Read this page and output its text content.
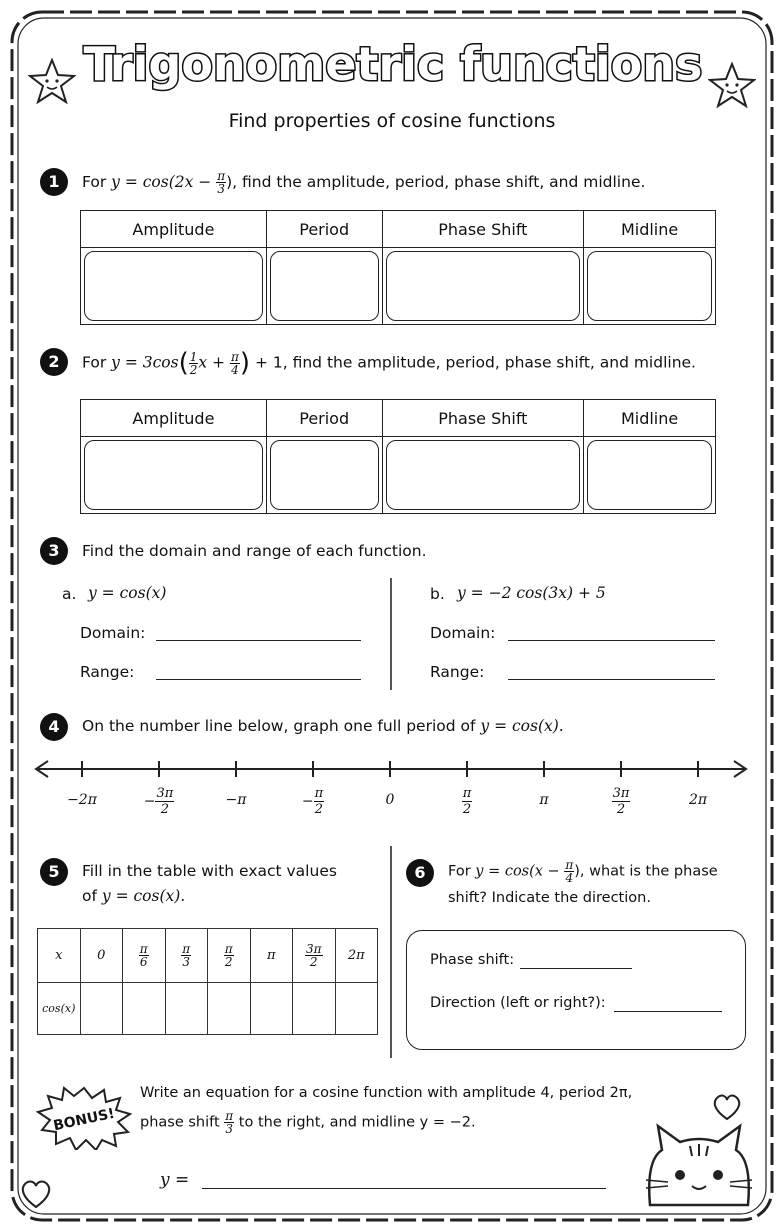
Trigonometric functions
Find properties of cosine functions
1	For $y = \cos(2x - \frac{\pi}{3}$ ), find the amplitude, period, phase shift, and midline.
Amplitude	Period	Phase Shift	Midline

2	For $y = 3\cos( \frac{1}{2}$ $x + \frac{\pi}{4}$ ) + 1, find the amplitude, period, phase shift, and midline.
Amplitude	Period	Phase Shift	Midline

3	Find the domain and range of each function.
a. y = cos(x)
Domain:
Range:
b. y = −2 cos(3x) + 5
Domain:
Range:
4	On the number line below, graph one full period of y = cos(x).
−2π	− $\frac{3\pi}{2}$	−π	− $\frac{\pi}{2}$	0	$\frac{\pi}{2}$	π	$\frac{3\pi}{2}$	2π
5	Fill in the table with exact values
of y = cos(x).
x	0	$\frac{\pi}{6}$	$\frac{\pi}{3}$	$\frac{\pi}{2}$	π	$\frac{3\pi}{2}$	2π
cos(x)							
6	For $y = \cos(x - \frac{\pi}{4}$ ), what is the phase
shift? Indicate the direction.
Phase shift:
Direction (left or right?):
BONUS!
Write an equation for a cosine function with amplitude 4, period 2π,
phase shift $\frac{\pi}{3}$ to the right, and midline y = −2.
y =
